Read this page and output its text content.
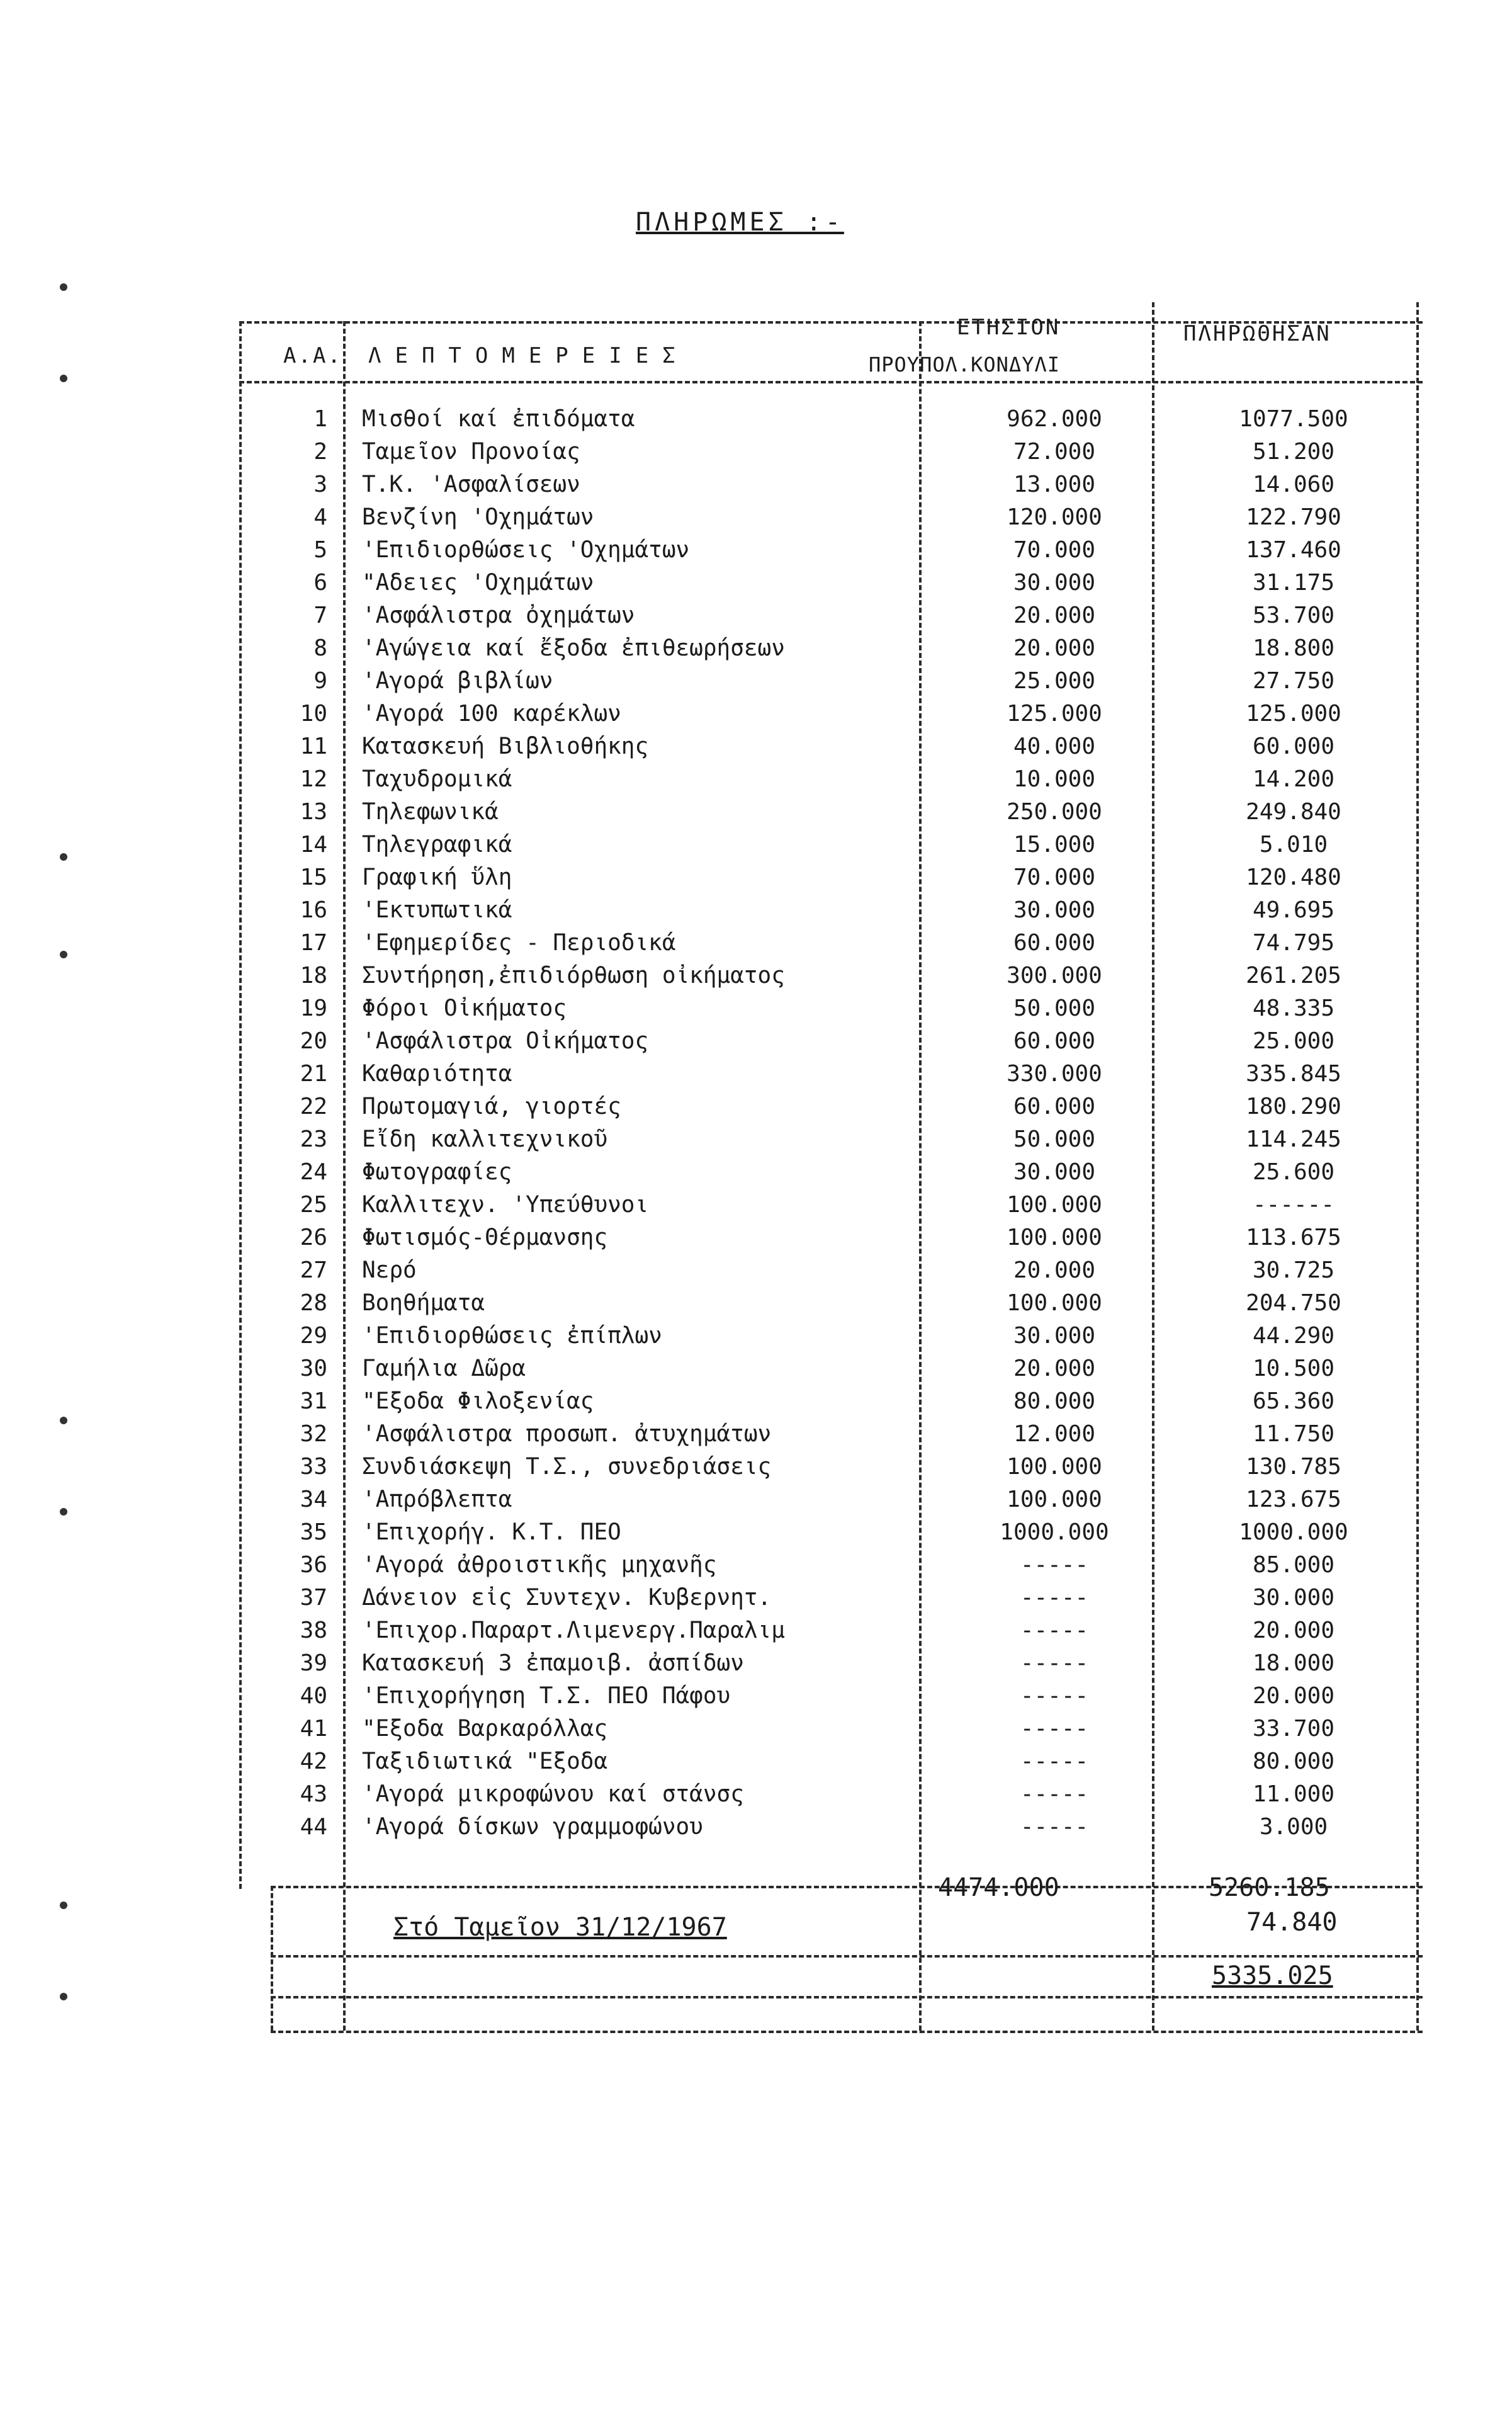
ΠΛΗΡΩΜΕΣ :-
Α.Α. ΛΕΠΤΟΜΕΡΕΙΕΣ
ΕΤΗΣΙΟΝ
ΠΡΟΥΠΟΛ.ΚΟΝΔΥΛΙ
ΠΛΗΡΩΘΗΣΑΝ
1 Μισθοί καί ἐπιδόματα	962.000	1077.500
2 Ταμεῖον Προνοίας	72.000	51.200
3 Τ.Κ. 'Ασφαλίσεων	13.000	14.060
4 Βενζίνη 'Οχημάτων	120.000	122.790
5 'Επιδιορθώσεις 'Οχημάτων	70.000	137.460
6 "Αδειες 'Οχημάτων	30.000	31.175
7 'Ασφάλιστρα ὀχημάτων	20.000	53.700
8 'Αγώγεια καί ἔξοδα ἐπιθεωρήσεων	20.000	18.800
9 'Αγορά βιβλίων	25.000	27.750
10 'Αγορά 100 καρέκλων	125.000	125.000
11 Κατασκευή Βιβλιοθήκης	40.000	60.000
12 Ταχυδρομικά	10.000	14.200
13 Τηλεφωνικά	250.000	249.840
14 Τηλεγραφικά	15.000	5.010
15 Γραφική ὕλη	70.000	120.480
16 'Εκτυπωτικά	30.000	49.695
17 'Εφημερίδες - Περιοδικά	60.000	74.795
18 Συντήρηση,ἐπιδιόρθωση οἰκήματος	300.000	261.205
19 Φόροι Οἰκήματος	50.000	48.335
20 'Ασφάλιστρα Οἰκήματος	60.000	25.000
21 Καθαριότητα	330.000	335.845
22 Πρωτομαγιά, γιορτές	60.000	180.290
23 Εἴδη καλλιτεχνικοῦ	50.000	114.245
24 Φωτογραφίες	30.000	25.600
25 Καλλιτεχν. 'Υπεύθυνοι	100.000	------
26 Φωτισμός-Θέρμανσης	100.000	113.675
27 Νερό	20.000	30.725
28 Βοηθήματα	100.000	204.750
29 'Επιδιορθώσεις ἐπίπλων	30.000	44.290
30 Γαμήλια Δῶρα	20.000	10.500
31 "Εξοδα Φιλοξενίας	80.000	65.360
32 'Ασφάλιστρα προσωπ. ἀτυχημάτων	12.000	11.750
33 Συνδιάσκεψη Τ.Σ., συνεδριάσεις	100.000	130.785
34 'Απρόβλεπτα	100.000	123.675
35 'Επιχορήγ. Κ.Τ. ΠΕΟ	1000.000	1000.000
36 'Αγορά ἀθροιστικῆς μηχανῆς	-----	85.000
37 Δάνειον εἰς Συντεχν. Κυβερνητ.	-----	30.000
38 'Επιχορ.Παραρτ.Λιμενεργ.Παραλιμ	-----	20.000
39 Κατασκευή 3 ἐπαμοιβ. ἀσπίδων	-----	18.000
40 'Επιχορήγηση Τ.Σ. ΠΕΟ Πάφου	-----	20.000
41 "Εξοδα Βαρκαρόλλας	-----	33.700
42 Ταξιδιωτικά "Εξοδα	-----	80.000
43 'Αγορά μικροφώνου καί στάνσς	-----	11.000
44 'Αγορά δίσκων γραμμοφώνου	-----	3.000
4474.000	5260.185
Στό Ταμεῖον 31/12/1967	74.840
5335.025
